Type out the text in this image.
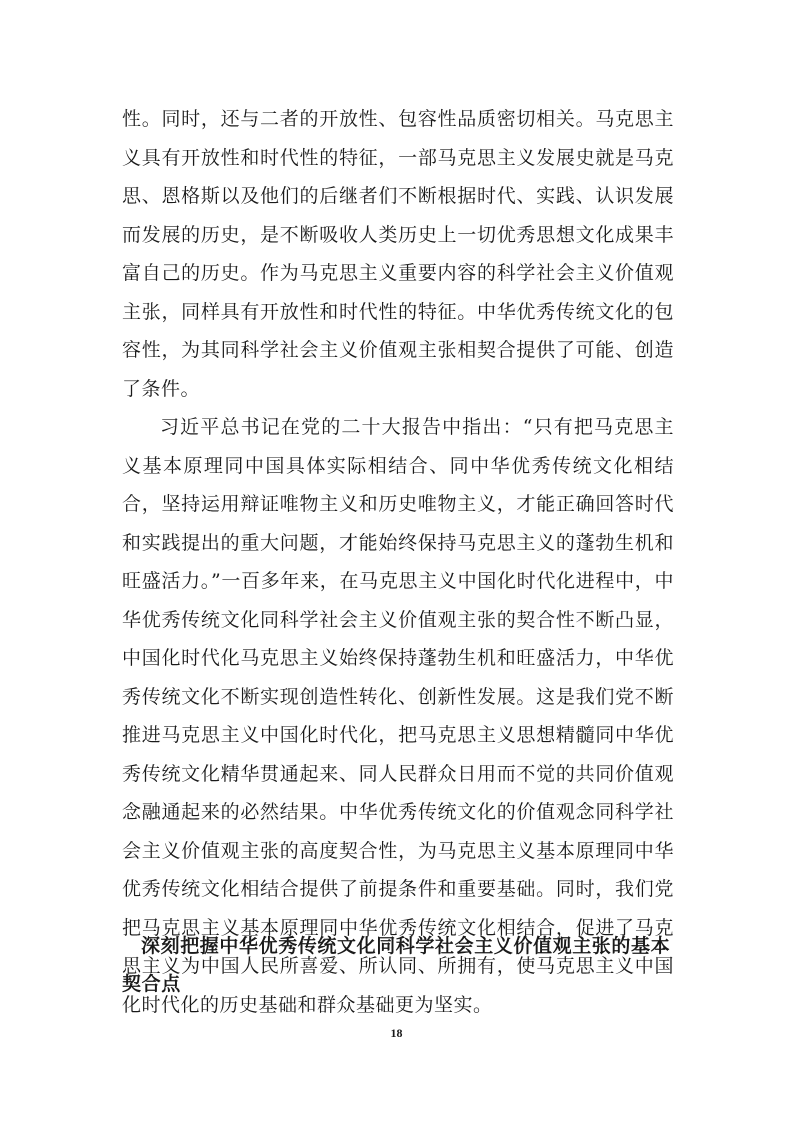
性。同时，还与二者的开放性、包容性品质密切相关。马克思主义具有开放性和时代性的特征，一部马克思主义发展史就是马克思、恩格斯以及他们的后继者们不断根据时代、实践、认识发展而发展的历史，是不断吸收人类历史上一切优秀思想文化成果丰富自己的历史。作为马克思主义重要内容的科学社会主义价值观主张，同样具有开放性和时代性的特征。中华优秀传统文化的包容性，为其同科学社会主义价值观主张相契合提供了可能、创造了条件。

习近平总书记在党的二十大报告中指出：“只有把马克思主义基本原理同中国具体实际相结合、同中华优秀传统文化相结合，坚持运用辩证唯物主义和历史唯物主义，才能正确回答时代和实践提出的重大问题，才能始终保持马克思主义的蓬勃生机和旺盛活力。”一百多年来，在马克思主义中国化时代化进程中，中华优秀传统文化同科学社会主义价值观主张的契合性不断凸显，中国化时代化马克思主义始终保持蓬勃生机和旺盛活力，中华优秀传统文化不断实现创造性转化、创新性发展。这是我们党不断推进马克思主义中国化时代化，把马克思主义思想精髓同中华优秀传统文化精华贯通起来、同人民群众日用而不觉的共同价值观念融通起来的必然结果。中华优秀传统文化的价值观念同科学社会主义价值观主张的高度契合性，为马克思主义基本原理同中华优秀传统文化相结合提供了前提条件和重要基础。同时，我们党把马克思主义基本原理同中华优秀传统文化相结合，促进了马克思主义为中国人民所喜爱、所认同、所拥有，使马克思主义中国化时代化的历史基础和群众基础更为坚实。

深刻把握中华优秀传统文化同科学社会主义价值观主张的基本契合点
18
